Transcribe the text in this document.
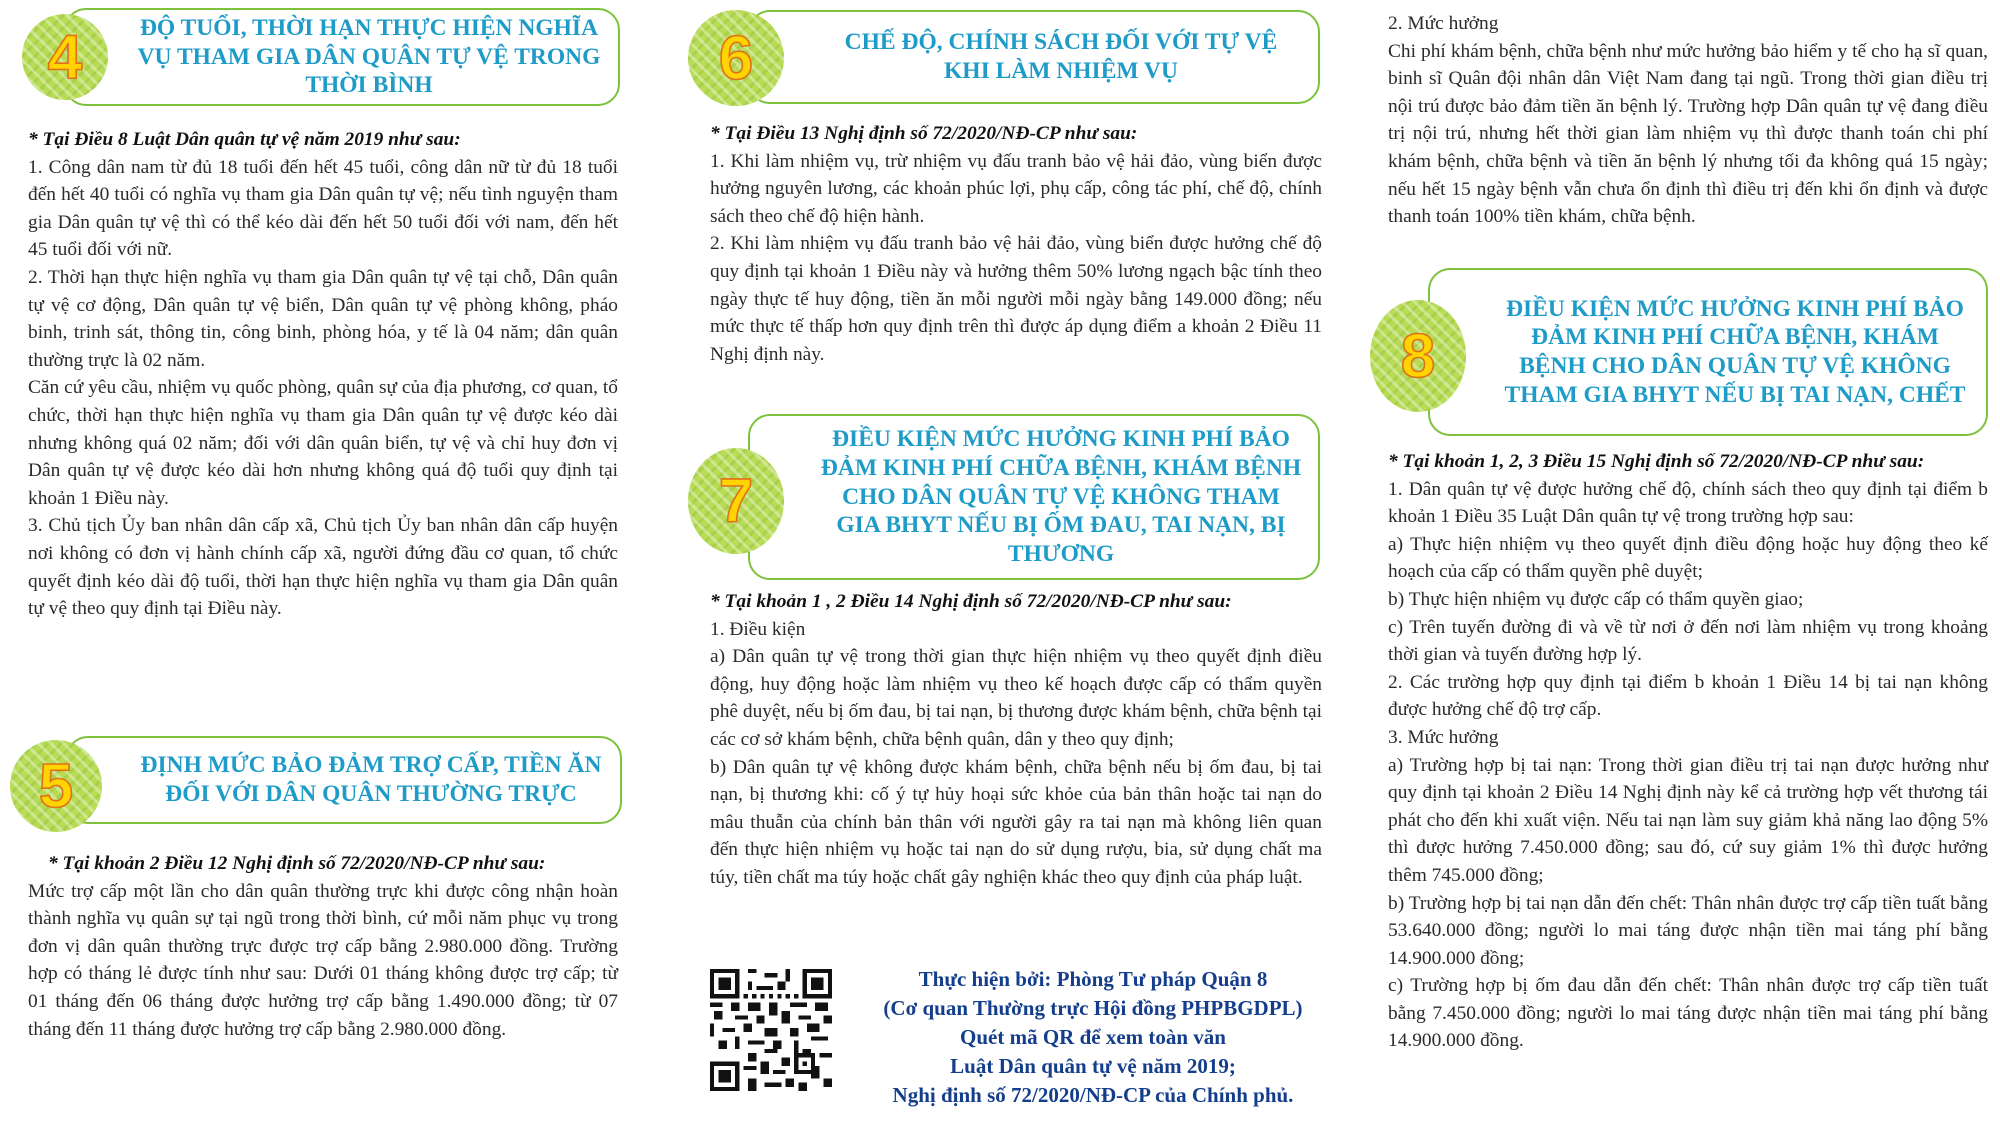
4 ĐỘ TUỔI, THỜI HẠN THỰC HIỆN NGHĨA VỤ THAM GIA DÂN QUÂN TỰ VỆ TRONG THỜI BÌNH

* Tại Điều 8 Luật Dân quân tự vệ năm 2019 như sau:

1. Công dân nam từ đủ 18 tuổi đến hết 45 tuổi, công dân nữ từ đủ 18 tuổi đến hết 40 tuổi có nghĩa vụ tham gia Dân quân tự vệ; nếu tình nguyện tham gia Dân quân tự vệ thì có thể kéo dài đến hết 50 tuổi đối với nam, đến hết 45 tuổi đối với nữ.

2. Thời hạn thực hiện nghĩa vụ tham gia Dân quân tự vệ tại chỗ, Dân quân tự vệ cơ động, Dân quân tự vệ biển, Dân quân tự vệ phòng không, pháo binh, trinh sát, thông tin, công binh, phòng hóa, y tế là 04 năm; dân quân thường trực là 02 năm.

Căn cứ yêu cầu, nhiệm vụ quốc phòng, quân sự của địa phương, cơ quan, tổ chức, thời hạn thực hiện nghĩa vụ tham gia Dân quân tự vệ được kéo dài nhưng không quá 02 năm; đối với dân quân biển, tự vệ và chỉ huy đơn vị Dân quân tự vệ được kéo dài hơn nhưng không quá độ tuổi quy định tại khoản 1 Điều này.

3. Chủ tịch Ủy ban nhân dân cấp xã, Chủ tịch Ủy ban nhân dân cấp huyện nơi không có đơn vị hành chính cấp xã, người đứng đầu cơ quan, tổ chức quyết định kéo dài độ tuổi, thời hạn thực hiện nghĩa vụ tham gia Dân quân tự vệ theo quy định tại Điều này.

5	ĐỊNH MỨC BẢO ĐẢM TRỢ CẤP, TIỀN ĂN ĐỐI VỚI DÂN QUÂN THƯỜNG TRỰC

* Tại khoản 2 Điều 12 Nghị định số 72/2020/NĐ-CP như sau:

Mức trợ cấp một lần cho dân quân thường trực khi được công nhận hoàn thành nghĩa vụ quân sự tại ngũ trong thời bình, cứ mỗi năm phục vụ trong đơn vị dân quân thường trực được trợ cấp bằng 2.980.000 đồng. Trường hợp có tháng lẻ được tính như sau: Dưới 01 tháng không được trợ cấp; từ 01 tháng đến 06 tháng được hưởng trợ cấp bằng 1.490.000 đồng; từ 07 tháng đến 11 tháng được hưởng trợ cấp bằng 2.980.000 đồng.

6	CHẾ ĐỘ, CHÍNH SÁCH ĐỐI VỚI TỰ VỆ KHI LÀM NHIỆM VỤ

* Tại Điều 13 Nghị định số 72/2020/NĐ-CP như sau:

1. Khi làm nhiệm vụ, trừ nhiệm vụ đấu tranh bảo vệ hải đảo, vùng biển được hưởng nguyên lương, các khoản phúc lợi, phụ cấp, công tác phí, chế độ, chính sách theo chế độ hiện hành.

2. Khi làm nhiệm vụ đấu tranh bảo vệ hải đảo, vùng biển được hưởng chế độ quy định tại khoản 1 Điều này và hưởng thêm 50% lương ngạch bậc tính theo ngày thực tế huy động, tiền ăn mỗi người mỗi ngày bằng 149.000 đồng; nếu mức thực tế thấp hơn quy định trên thì được áp dụng điểm a khoản 2 Điều 11 Nghị định này.

7
ĐIỀU KIỆN MỨC HƯỞNG KINH PHÍ BẢO ĐẢM KINH PHÍ CHỮA BỆNH, KHÁM BỆNH CHO DÂN QUÂN TỰ VỆ KHÔNG THAM GIA BHYT NẾU BỊ ỐM ĐAU, TAI NẠN, BỊ THƯƠNG

* Tại khoản 1 , 2 Điều 14 Nghị định số 72/2020/NĐ-CP như sau:

1. Điều kiện

a) Dân quân tự vệ trong thời gian thực hiện nhiệm vụ theo quyết định điều động, huy động hoặc làm nhiệm vụ theo kế hoạch được cấp có thẩm quyền phê duyệt, nếu bị ốm đau, bị tai nạn, bị thương được khám bệnh, chữa bệnh tại các cơ sở khám bệnh, chữa bệnh quân, dân y theo quy định;

b) Dân quân tự vệ không được khám bệnh, chữa bệnh nếu bị ốm đau, bị tai nạn, bị thương khi: cố ý tự hủy hoại sức khỏe của bản thân hoặc tai nạn do mâu thuẫn của chính bản thân với người gây ra tai nạn mà không liên quan đến thực hiện nhiệm vụ hoặc tai nạn do sử dụng rượu, bia, sử dụng chất ma túy, tiền chất ma túy hoặc chất gây nghiện khác theo quy định của pháp luật.

Thực hiện bởi: Phòng Tư pháp Quận 8

(Cơ quan Thường trực Hội đồng PHPBGDPL)

Quét mã QR để xem toàn văn

Luật Dân quân tự vệ năm 2019;

Nghị định số 72/2020/NĐ-CP của Chính phủ.

2. Mức hưởng

Chi phí khám bệnh, chữa bệnh như mức hưởng bảo hiểm y tế cho hạ sĩ quan, binh sĩ Quân đội nhân dân Việt Nam đang tại ngũ. Trong thời gian điều trị nội trú được bảo đảm tiền ăn bệnh lý. Trường hợp Dân quân tự vệ đang điều trị nội trú, nhưng hết thời gian làm nhiệm vụ thì được thanh toán chi phí khám bệnh, chữa bệnh và tiền ăn bệnh lý nhưng tối đa không quá 15 ngày; nếu hết 15 ngày bệnh vẫn chưa ổn định thì điều trị đến khi ổn định và được thanh toán 100% tiền khám, chữa bệnh.

8
ĐIỀU KIỆN MỨC HƯỞNG KINH PHÍ BẢO ĐẢM KINH PHÍ CHỮA BỆNH, KHÁM BỆNH CHO DÂN QUÂN TỰ VỆ KHÔNG THAM GIA BHYT NẾU BỊ TAI NẠN, CHẾT

* Tại khoản 1, 2, 3 Điều 15 Nghị định số 72/2020/NĐ-CP như sau:

1. Dân quân tự vệ được hưởng chế độ, chính sách theo quy định tại điểm b khoản 1 Điều 35 Luật Dân quân tự vệ trong trường hợp sau:

a) Thực hiện nhiệm vụ theo quyết định điều động hoặc huy động theo kế hoạch của cấp có thẩm quyền phê duyệt;

b) Thực hiện nhiệm vụ được cấp có thẩm quyền giao;

c) Trên tuyến đường đi và về từ nơi ở đến nơi làm nhiệm vụ trong khoảng thời gian và tuyến đường hợp lý.

2. Các trường hợp quy định tại điểm b khoản 1 Điều 14 bị tai nạn không được hưởng chế độ trợ cấp.

3. Mức hưởng

a) Trường hợp bị tai nạn: Trong thời gian điều trị tai nạn được hưởng như quy định tại khoản 2 Điều 14 Nghị định này kể cả trường hợp vết thương tái phát cho đến khi xuất viện. Nếu tai nạn làm suy giảm khả năng lao động 5% thì được hưởng 7.450.000 đồng; sau đó, cứ suy giảm 1% thì được hưởng thêm 745.000 đồng;

b) Trường hợp bị tai nạn dẫn đến chết: Thân nhân được trợ cấp tiền tuất bằng 53.640.000 đồng; người lo mai táng được nhận tiền mai táng phí bằng 14.900.000 đồng;

c) Trường hợp bị ốm đau dẫn đến chết: Thân nhân được trợ cấp tiền tuất bằng 7.450.000 đồng; người lo mai táng được nhận tiền mai táng phí bằng 14.900.000 đồng.
